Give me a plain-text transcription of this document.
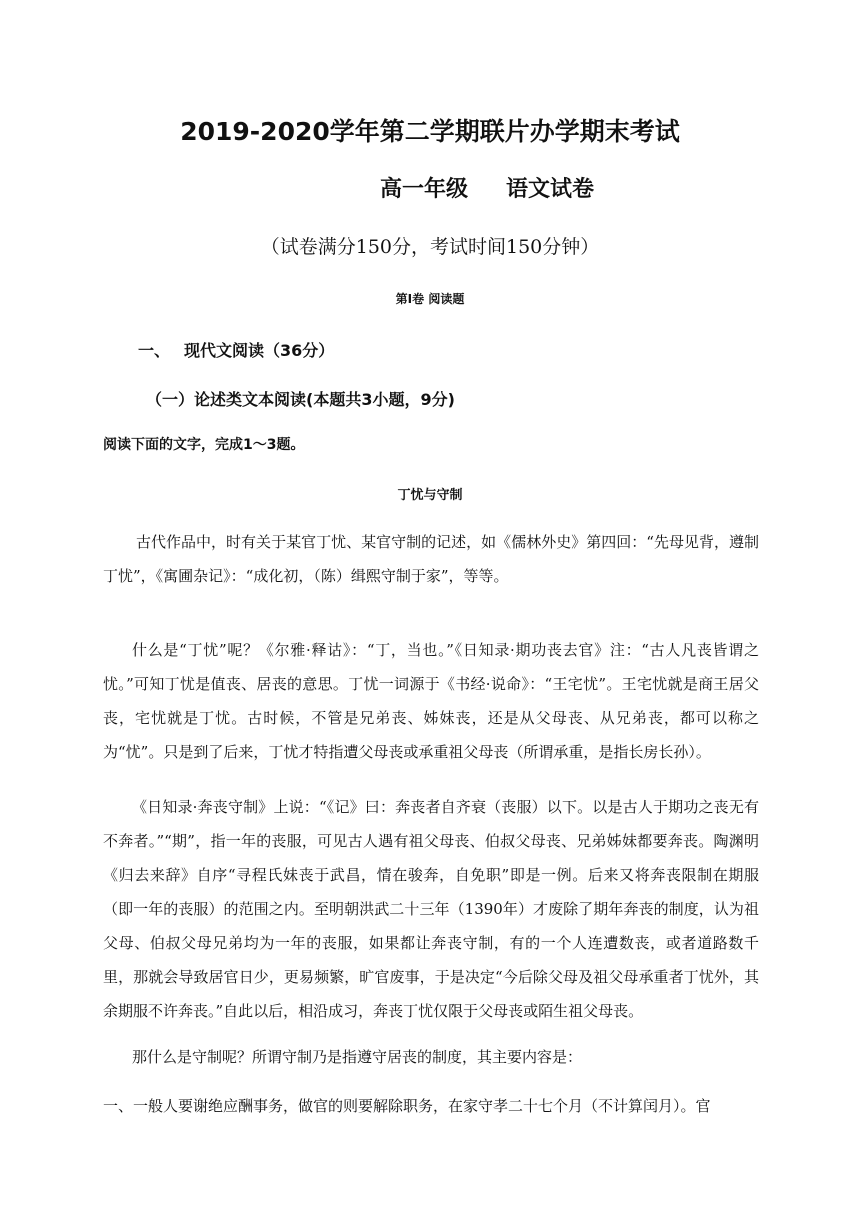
2019-2020学年第二学期联片办学期末考试
高一年级 语文试卷
（试卷满分150分，考试时间150分钟）
第Ⅰ卷 阅读题
一、 现代文阅读（36分）
（一）论述类文本阅读(本题共3小题，9分)
阅读下面的文字，完成1～3题。
丁忧与守制
古代作品中，时有关于某官丁忧、某官守制的记述，如《儒林外史》第四回：“先母见背，遵制丁忧”，《寓圃杂记》：“成化初，（陈）缉熙守制于家”，等等。
什么是“丁忧”呢？《尔雅·释诂》：“丁，当也。”《日知录·期功丧去官》注：“古人凡丧皆谓之忧。”可知丁忧是值丧、居丧的意思。丁忧一词源于《书经·说命》：“王宅忧”。王宅忧就是商王居父丧，宅忧就是丁忧。古时候，不管是兄弟丧、姊妹丧，还是从父母丧、从兄弟丧，都可以称之为“忧”。只是到了后来，丁忧才特指遭父母丧或承重祖父母丧（所谓承重，是指长房长孙）。
《日知录·奔丧守制》上说：“《记》曰：奔丧者自齐衰（丧服）以下。以是古人于期功之丧无有不奔者。”“期”，指一年的丧服，可见古人遇有祖父母丧、伯叔父母丧、兄弟姊妹都要奔丧。陶渊明《归去来辞》自序“寻程氏妹丧于武昌，情在骏奔，自免职”即是一例。后来又将奔丧限制在期服（即一年的丧服）的范围之内。至明朝洪武二十三年（1390年）才废除了期年奔丧的制度，认为祖父母、伯叔父母兄弟均为一年的丧服，如果都让奔丧守制，有的一个人连遭数丧，或者道路数千里，那就会导致居官日少，更易频繁，旷官废事，于是决定“今后除父母及祖父母承重者丁忧外，其余期服不许奔丧。”自此以后，相沿成习，奔丧丁忧仅限于父母丧或陌生祖父母丧。
那什么是守制呢？所谓守制乃是指遵守居丧的制度，其主要内容是：
一、一般人要谢绝应酬事务，做官的则要解除职务，在家守孝二十七个月（不计算闰月）。官
